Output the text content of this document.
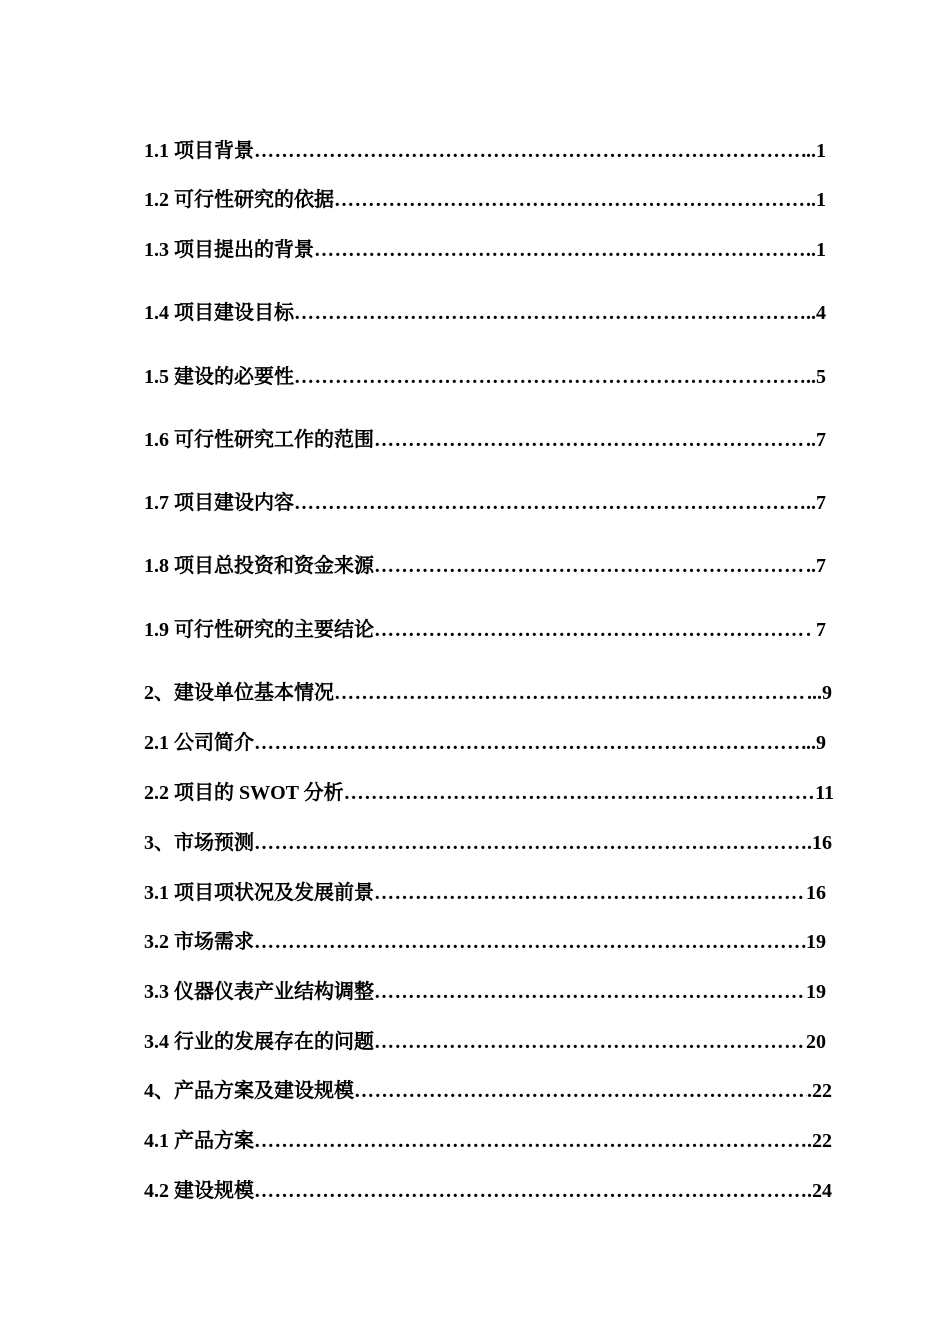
1.1 项目背景 ……………………………………………………………………………………………………………………………………………………………………………………………………………………	..1
1.2 可行性研究的依据 ……………………………………………………………………………………………………………………………………………………………………………………………………………………	..1
1.3 项目提出的背景 ……………………………………………………………………………………………………………………………………………………………………………………………………………………	..1
1.4 项目建设目标 ……………………………………………………………………………………………………………………………………………………………………………………………………………………	..4
1.5 建设的必要性 ……………………………………………………………………………………………………………………………………………………………………………………………………………………	..5
1.6 可行性研究工作的范围 ……………………………………………………………………………………………………………………………………………………………………………………………………………………	..7
1.7 项目建设内容 ……………………………………………………………………………………………………………………………………………………………………………………………………………………	..7
1.8 项目总投资和资金来源 ……………………………………………………………………………………………………………………………………………………………………………………………………………………	..7
1.9 可行性研究的主要结论 ……………………………………………………………………………………………………………………………………………………………………………………………………………………	. 7
2、建设单位基本情况 ……………………………………………………………………………………………………………………………………………………………………………………………………………………	...9
2.1 公司简介 ……………………………………………………………………………………………………………………………………………………………………………………………………………………	..9
2.2 项目的 SWOT 分析 ……………………………………………………………………………………………………………………………………………………………………………………………………………………	11
3、市场预测 ……………………………………………………………………………………………………………………………………………………………………………………………………………………	.16
3.1 项目项状况及发展前景 ……………………………………………………………………………………………………………………………………………………………………………………………………………………	16
3.2 市场需求 ……………………………………………………………………………………………………………………………………………………………………………………………………………………	19
3.3 仪器仪表产业结构调整 ……………………………………………………………………………………………………………………………………………………………………………………………………………………	19
3.4 行业的发展存在的问题 ……………………………………………………………………………………………………………………………………………………………………………………………………………………	20
4、产品方案及建设规模 ……………………………………………………………………………………………………………………………………………………………………………………………………………………	.22
4.1 产品方案 ……………………………………………………………………………………………………………………………………………………………………………………………………………………	.22
4.2 建设规模 ……………………………………………………………………………………………………………………………………………………………………………………………………………………	.24
